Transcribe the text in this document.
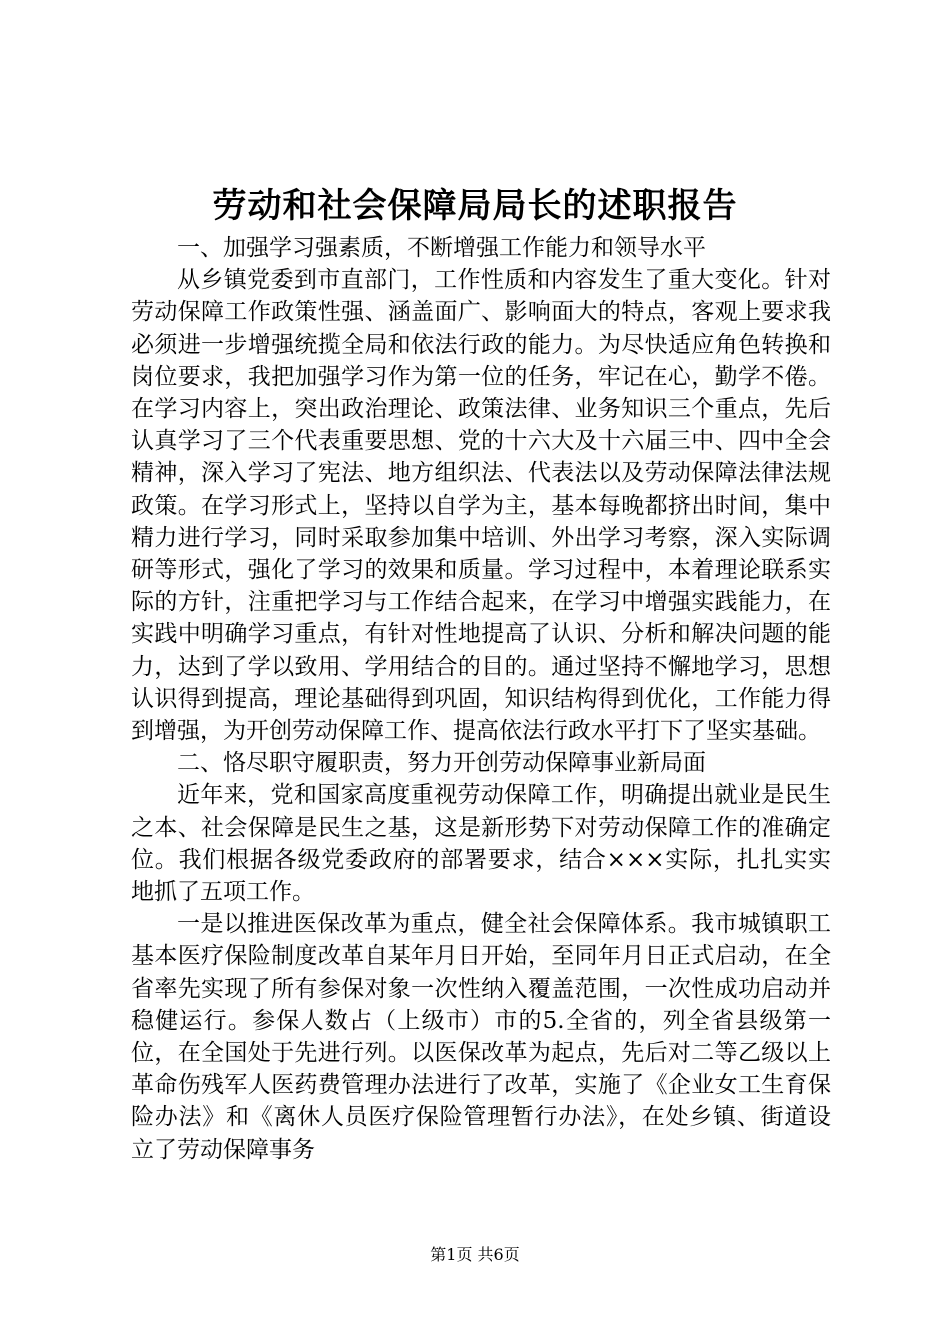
劳动和社会保障局局长的述职报告

一、加强学习强素质，不断增强工作能力和领导水平

从乡镇党委到市直部门，工作性质和内容发生了重大变化。针对劳动保障工作政策性强、涵盖面广、影响面大的特点，客观上要求我必须进一步增强统揽全局和依法行政的能力。为尽快适应角色转换和岗位要求，我把加强学习作为第一位的任务，牢记在心，勤学不倦。在学习内容上，突出政治理论、政策法律、业务知识三个重点，先后认真学习了三个代表重要思想、党的十六大及十六届三中、四中全会精神，深入学习了宪法、地方组织法、代表法以及劳动保障法律法规政策。在学习形式上，坚持以自学为主，基本每晚都挤出时间，集中精力进行学习，同时采取参加集中培训、外出学习考察，深入实际调研等形式，强化了学习的效果和质量。学习过程中，本着理论联系实际的方针，注重把学习与工作结合起来，在学习中增强实践能力，在实践中明确学习重点，有针对性地提高了认识、分析和解决问题的能力，达到了学以致用、学用结合的目的。通过坚持不懈地学习，思想认识得到提高，理论基础得到巩固，知识结构得到优化，工作能力得到增强，为开创劳动保障工作、提高依法行政水平打下了坚实基础。

二、恪尽职守履职责，努力开创劳动保障事业新局面

近年来，党和国家高度重视劳动保障工作，明确提出就业是民生之本、社会保障是民生之基，这是新形势下对劳动保障工作的准确定位。我们根据各级党委政府的部署要求，结合×××实际，扎扎实实地抓了五项工作。

一是以推进医保改革为重点，健全社会保障体系。我市城镇职工基本医疗保险制度改革自某年月日开始，至同年月日正式启动，在全省率先实现了所有参保对象一次性纳入覆盖范围，一次性成功启动并稳健运行。参保人数占（上级市）市的5.全省的，列全省县级第一位，在全国处于先进行列。以医保改革为起点，先后对二等乙级以上革命伤残军人医药费管理办法进行了改革，实施了《企业女工生育保险办法》和《离休人员医疗保险管理暂行办法》，在处乡镇、街道设立了劳动保障事务

第1页 共6页
